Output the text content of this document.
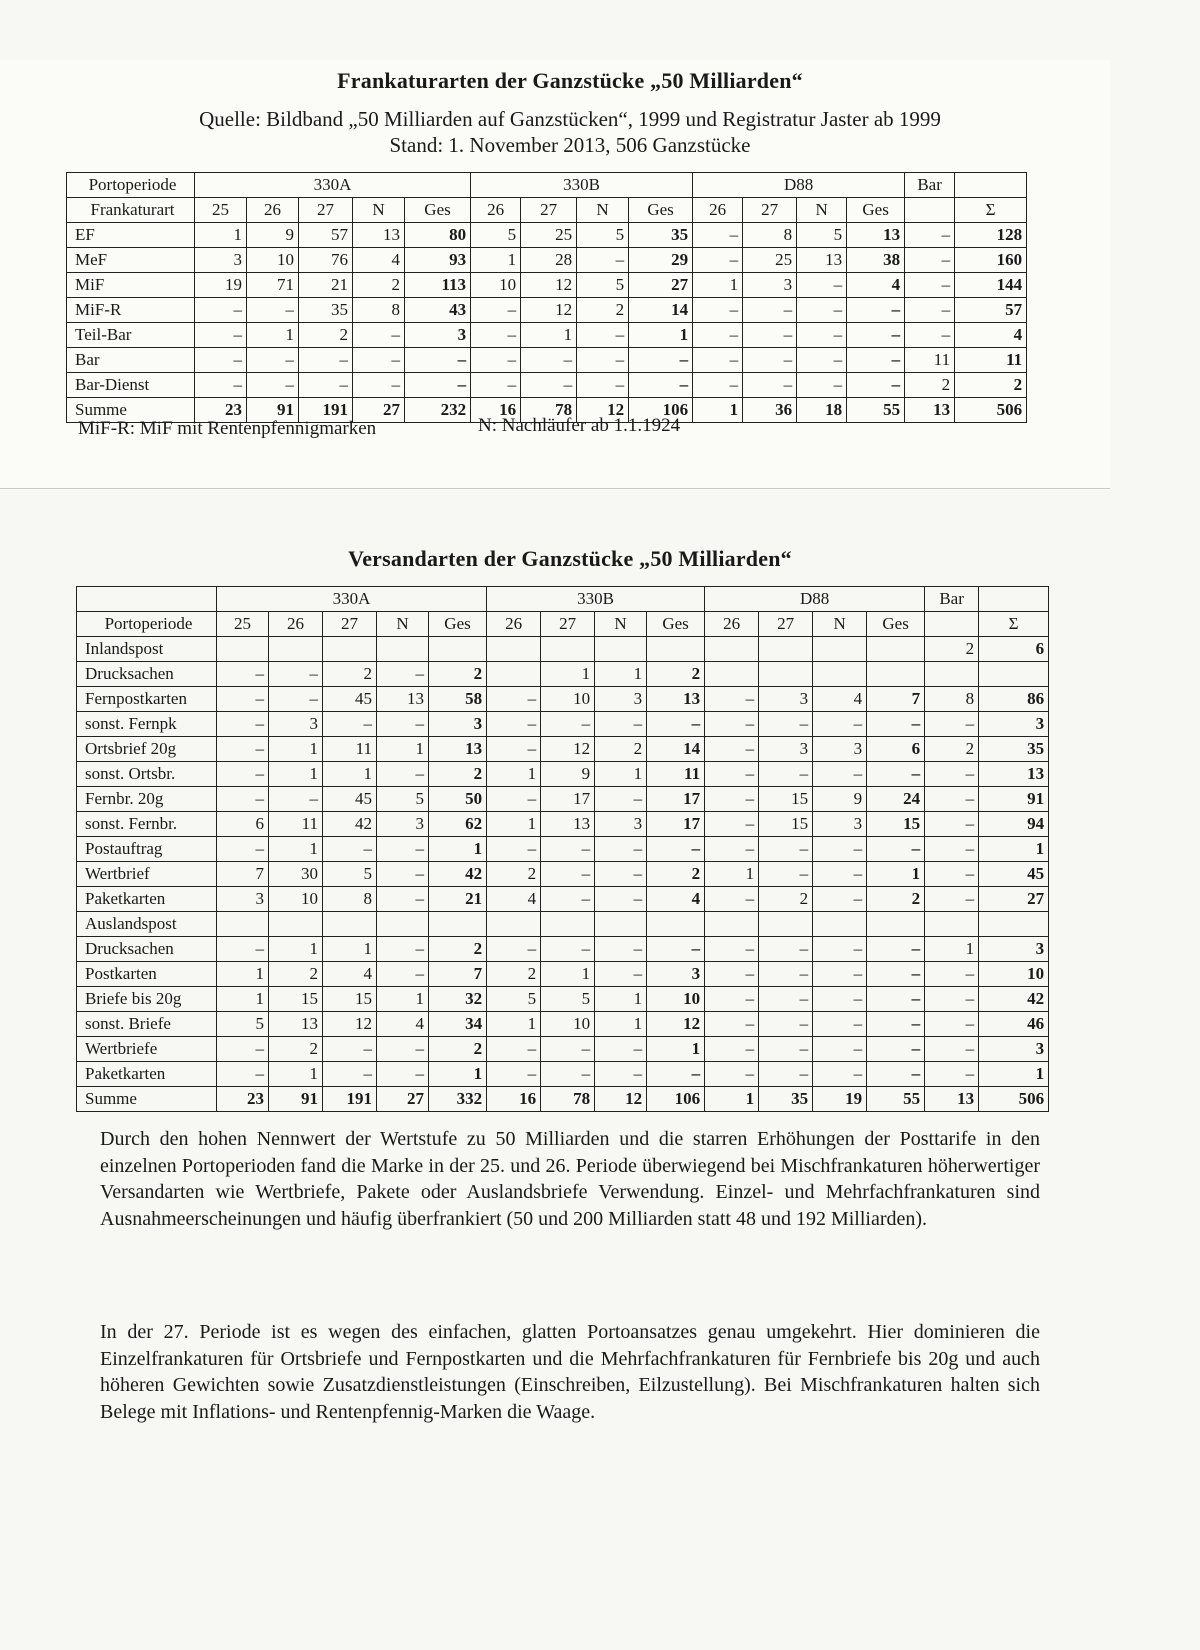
Frankaturarten der Ganzstücke „50 Milliarden“
Quelle: Bildband „50 Milliarden auf Ganzstücken“, 1999 und Registratur Jaster ab 1999
Stand: 1. November 2013, 506 Ganzstücke
Portoperiode	330A					330B				D88				Bar	
Frankaturart	25	26	27	N	Ges	26	27	N	Ges	26	27	N	Ges		Σ
EF	1	9	57	13	80	5	25	5	35	–	8	5	13	–	128
MeF	3	10	76	4	93	1	28	–	29	–	25	13	38	–	160
MiF	19	71	21	2	113	10	12	5	27	1	3	–	4	–	144
MiF-R	–	–	35	8	43	–	12	2	14	–	–	–	–	–	57
Teil-Bar	–	1	2	–	3	–	1	–	1	–	–	–	–	–	4
Bar	–	–	–	–	–	–	–	–	–	–	–	–	–	11	11
Bar-Dienst	–	–	–	–	–	–	–	–	–	–	–	–	–	2	2
Summe	23	91	191	27	232	16	78	12	106	1	36	18	55	13	506
MiF-R: MiF mit Rentenpfennigmarken	N: Nachläufer ab 1.1.1924
Versandarten der Ganzstücke „50 Milliarden“
	330A					330B				D88				Bar	
Portoperiode	25	26	27	N	Ges	26	27	N	Ges	26	27	N	Ges		Σ
Inlandspost														2	6
Drucksachen	–	–	2	–	2		1	1	2						
Fernpostkarten	–	–	45	13	58	–	10	3	13	–	3	4	7	8	86
sonst. Fernpk	–	3	–	–	3	–	–	–	–	–	–	–	–	–	3
Ortsbrief 20g	–	1	11	1	13	–	12	2	14	–	3	3	6	2	35
sonst. Ortsbr.	–	1	1	–	2	1	9	1	11	–	–	–	–	–	13
Fernbr. 20g	–	–	45	5	50	–	17	–	17	–	15	9	24	–	91
sonst. Fernbr.	6	11	42	3	62	1	13	3	17	–	15	3	15	–	94
Postauftrag	–	1	–	–	1	–	–	–	–	–	–	–	–	–	1
Wertbrief	7	30	5	–	42	2	–	–	2	1	–	–	1	–	45
Paketkarten	3	10	8	–	21	4	–	–	4	–	2	–	2	–	27
Auslandspost															
Drucksachen	–	1	1	–	2	–	–	–	–	–	–	–	–	1	3
Postkarten	1	2	4	–	7	2	1	–	3	–	–	–	–	–	10
Briefe bis 20g	1	15	15	1	32	5	5	1	10	–	–	–	–	–	42
sonst. Briefe	5	13	12	4	34	1	10	1	12	–	–	–	–	–	46
Wertbriefe	–	2	–	–	2	–	–	–	1	–	–	–	–	–	3
Paketkarten	–	1	–	–	1	–	–	–	–	–	–	–	–	–	1
Summe	23	91	191	27	332	16	78	12	106	1	35	19	55	13	506

Durch den hohen Nennwert der Wertstufe zu 50 Milliarden und die starren Erhöhungen der Posttarife in den einzelnen Portoperioden fand die Marke in der 25. und 26. Periode überwiegend bei Mischfrankaturen höherwertiger Versandarten wie Wertbriefe, Pakete oder Auslandsbriefe Verwendung. Einzel- und Mehrfachfrankaturen sind Ausnahmeerscheinungen und häufig überfrankiert (50 und 200 Milliarden statt 48 und 192 Milliarden).

In der 27. Periode ist es wegen des einfachen, glatten Portoansatzes genau umgekehrt. Hier dominieren die Einzelfrankaturen für Ortsbriefe und Fernpostkarten und die Mehrfachfrankaturen für Fernbriefe bis 20g und auch höheren Gewichten sowie Zusatzdienstleistungen (Einschreiben, Eilzustellung). Bei Mischfrankaturen halten sich Belege mit Inflations- und Rentenpfennig-Marken die Waage.
